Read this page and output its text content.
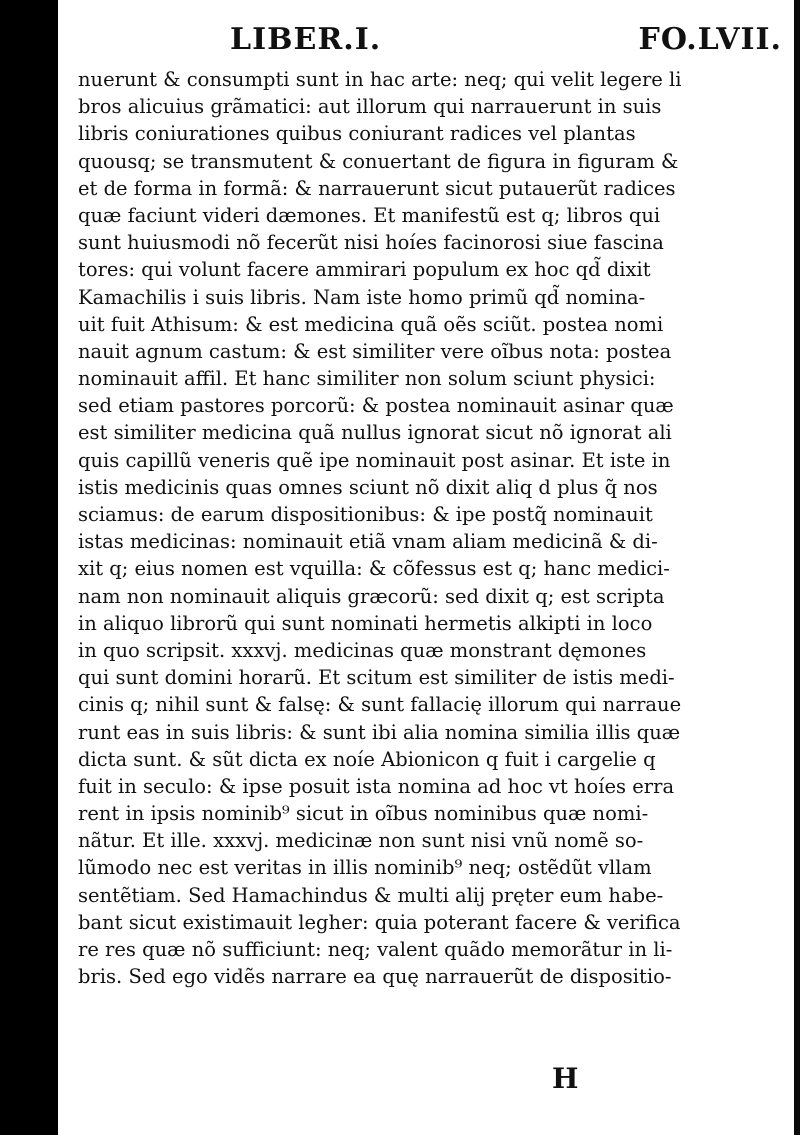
LIBER.I.	FO.LVII.
nuerunt & consumpti sunt in hac arte: neq; qui velit legere li
bros alicuius grãmatici: aut illorum qui narrauerunt in suis
libris coniurationes quibus coniurant radices vel plantas
quousq; se transmutent & conuertant de figura in figuram &
et de forma in formã: & narrauerunt sicut putauerũt radices
quæ faciunt videri dæmones. Et manifestũ est q; libros qui
sunt huiusmodi nõ fecerũt nisi hoíes facinorosi siue fascina
tores: qui volunt facere ammirari populum ex hoc qd̃ dixit
Kamachilis i suis libris. Nam iste homo primũ qd̃ nomina-
uit fuit Athisum: & est medicina quã oẽs sciũt. postea nomi
nauit agnum castum: & est similiter vere oĩbus nota: postea
nominauit affil. Et hanc similiter non solum sciunt physici:
sed etiam pastores porcorũ: & postea nominauit asinar quæ
est similiter medicina quã nullus ignorat sicut nõ ignorat ali
quis capillũ veneris quẽ ipe nominauit post asinar. Et iste in
istis medicinis quas omnes sciunt nõ dixit aliq d plus q̃ nos
sciamus: de earum dispositionibus: & ipe postq̃ nominauit
istas medicinas: nominauit etiã vnam aliam medicinã & di-
xit q; eius nomen est vquilla: & cõfessus est q; hanc medici-
nam non nominauit aliquis græcorũ: sed dixit q; est scripta
in aliquo librorũ qui sunt nominati hermetis alkipti in loco
in quo scripsit. xxxvj. medicinas quæ monstrant dęmones
qui sunt domini horarũ. Et scitum est similiter de istis medi-
cinis q; nihil sunt & falsę: & sunt fallacię illorum qui narraue
runt eas in suis libris: & sunt ibi alia nomina similia illis quæ
dicta sunt. & sũt dicta ex noíe Abionicon q fuit i cargelie q
fuit in seculo: & ipse posuit ista nomina ad hoc vt hoíes erra
rent in ipsis nominib⁹ sicut in oĩbus nominibus quæ nomi-
nãtur. Et ille. xxxvj. medicinæ non sunt nisi vnũ nomẽ so-
lũmodo nec est veritas in illis nominib⁹ neq; ostẽdũt vllam
sentẽtiam. Sed Hamachindus & multi alij pręter eum habe-
bant sicut existimauit legher: quia poterant facere & verifica
re res quæ nõ sufficiunt: neq; valent quãdo memorãtur in li-
bris. Sed ego vidẽs narrare ea quę narrauerũt de dispositio-
H
